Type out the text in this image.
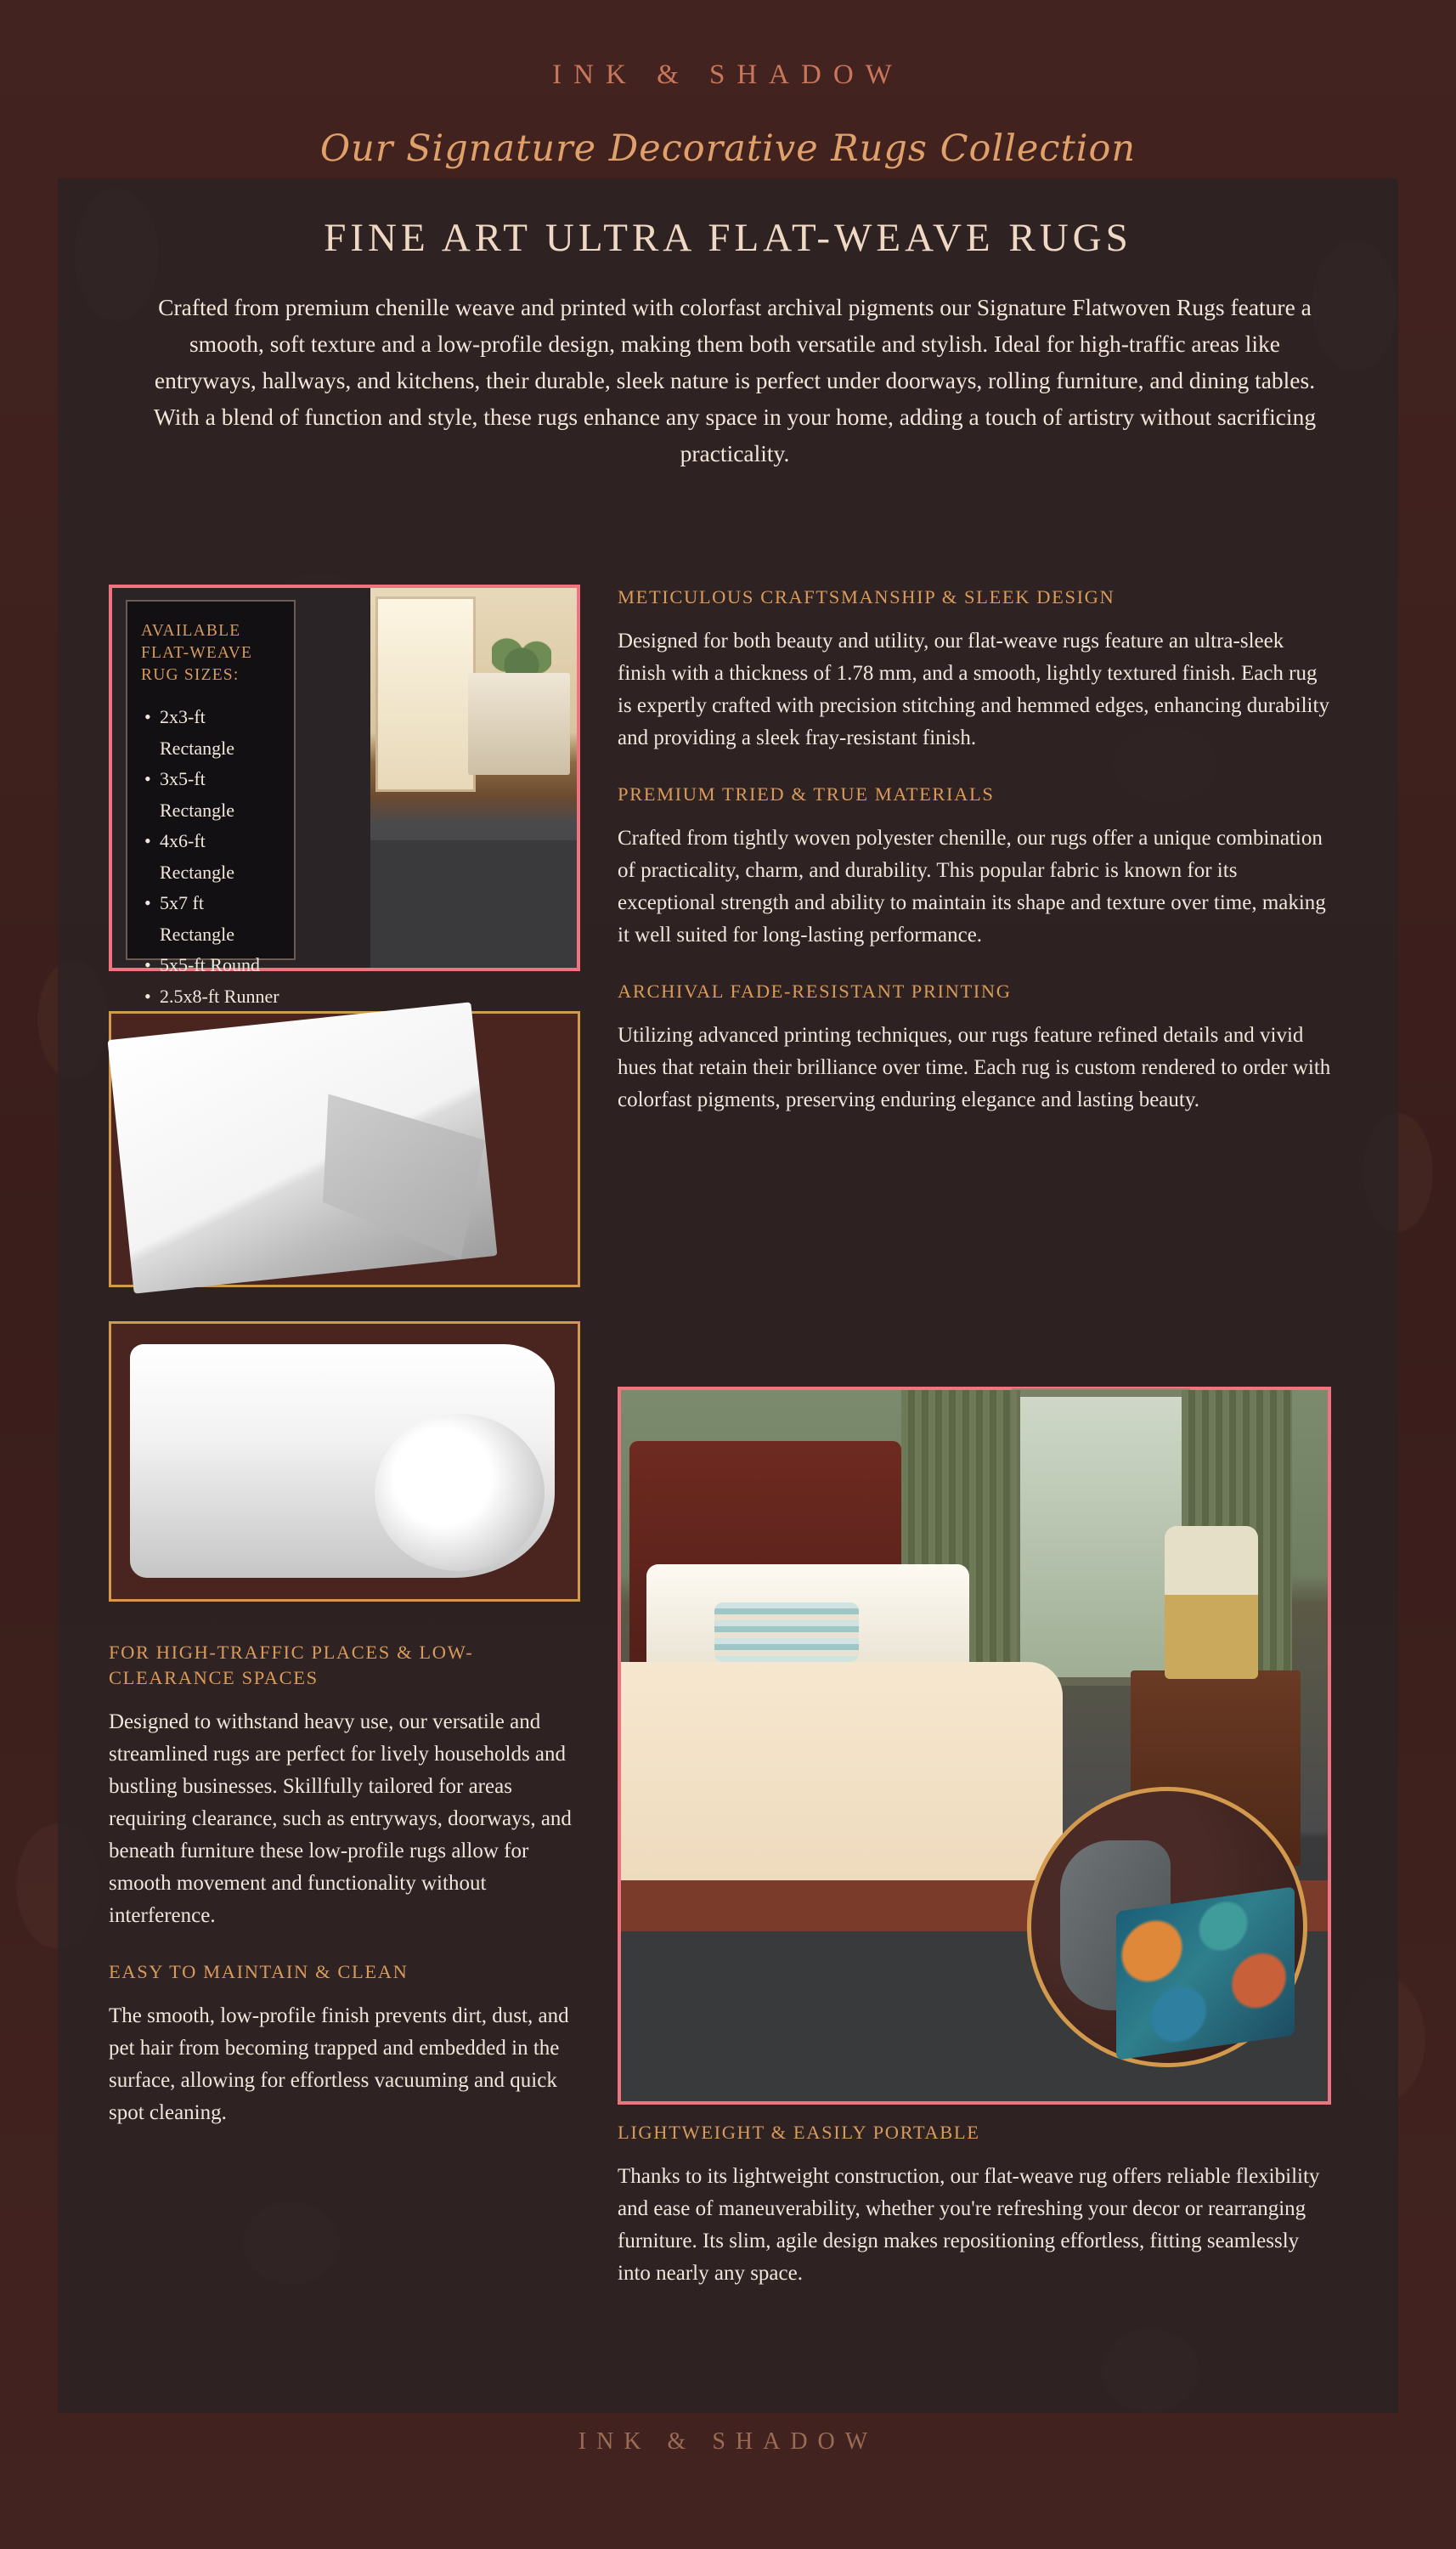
INK & SHADOW
Our Signature Decorative Rugs Collection
FINE ART ULTRA FLAT-WEAVE RUGS
Crafted from premium chenille weave and printed with colorfast archival pigments our Signature Flatwoven Rugs feature a smooth, soft texture and a low-profile design, making them both versatile and stylish. Ideal for high-traffic areas like entryways, hallways, and kitchens, their durable, sleek nature is perfect under doorways, rolling furniture, and dining tables. With a blend of function and style, these rugs enhance any space in your home, adding a touch of artistry without sacrificing practicality.
AVAILABLE FLAT-WEAVE RUG SIZES:
• 2x3-ft Rectangle
• 3x5-ft Rectangle
• 4x6-ft Rectangle
• 5x7 ft Rectangle
• 5x5-ft Round
• 2.5x8-ft Runner
FOR HIGH-TRAFFIC PLACES & LOW-CLEARANCE SPACES
Designed to withstand heavy use, our versatile and streamlined rugs are perfect for lively households and bustling businesses. Skillfully tailored for areas requiring clearance, such as entryways, doorways, and beneath furniture these low-profile rugs allow for smooth movement and functionality without interference.
EASY TO MAINTAIN & CLEAN
The smooth, low-profile finish prevents dirt, dust, and pet hair from becoming trapped and embedded in the surface, allowing for effortless vacuuming and quick spot cleaning.
METICULOUS CRAFTSMANSHIP & SLEEK DESIGN
Designed for both beauty and utility, our flat-weave rugs feature an ultra-sleek finish with a thickness of 1.78 mm, and a smooth, lightly textured finish. Each rug is expertly crafted with precision stitching and hemmed edges, enhancing durability and providing a sleek fray-resistant finish.
PREMIUM TRIED & TRUE MATERIALS
Crafted from tightly woven polyester chenille, our rugs offer a unique combination of practicality, charm, and durability. This popular fabric is known for its exceptional strength and ability to maintain its shape and texture over time, making it well suited for long-lasting performance.
ARCHIVAL FADE-RESISTANT PRINTING
Utilizing advanced printing techniques, our rugs feature refined details and vivid hues that retain their brilliance over time. Each rug is custom rendered to order with colorfast pigments, preserving enduring elegance and lasting beauty.
LIGHTWEIGHT & EASILY PORTABLE
Thanks to its lightweight construction, our flat-weave rug offers reliable flexibility and ease of maneuverability, whether you're refreshing your decor or rearranging furniture. Its slim, agile design makes repositioning effortless, fitting seamlessly into nearly any space.
INK & SHADOW
